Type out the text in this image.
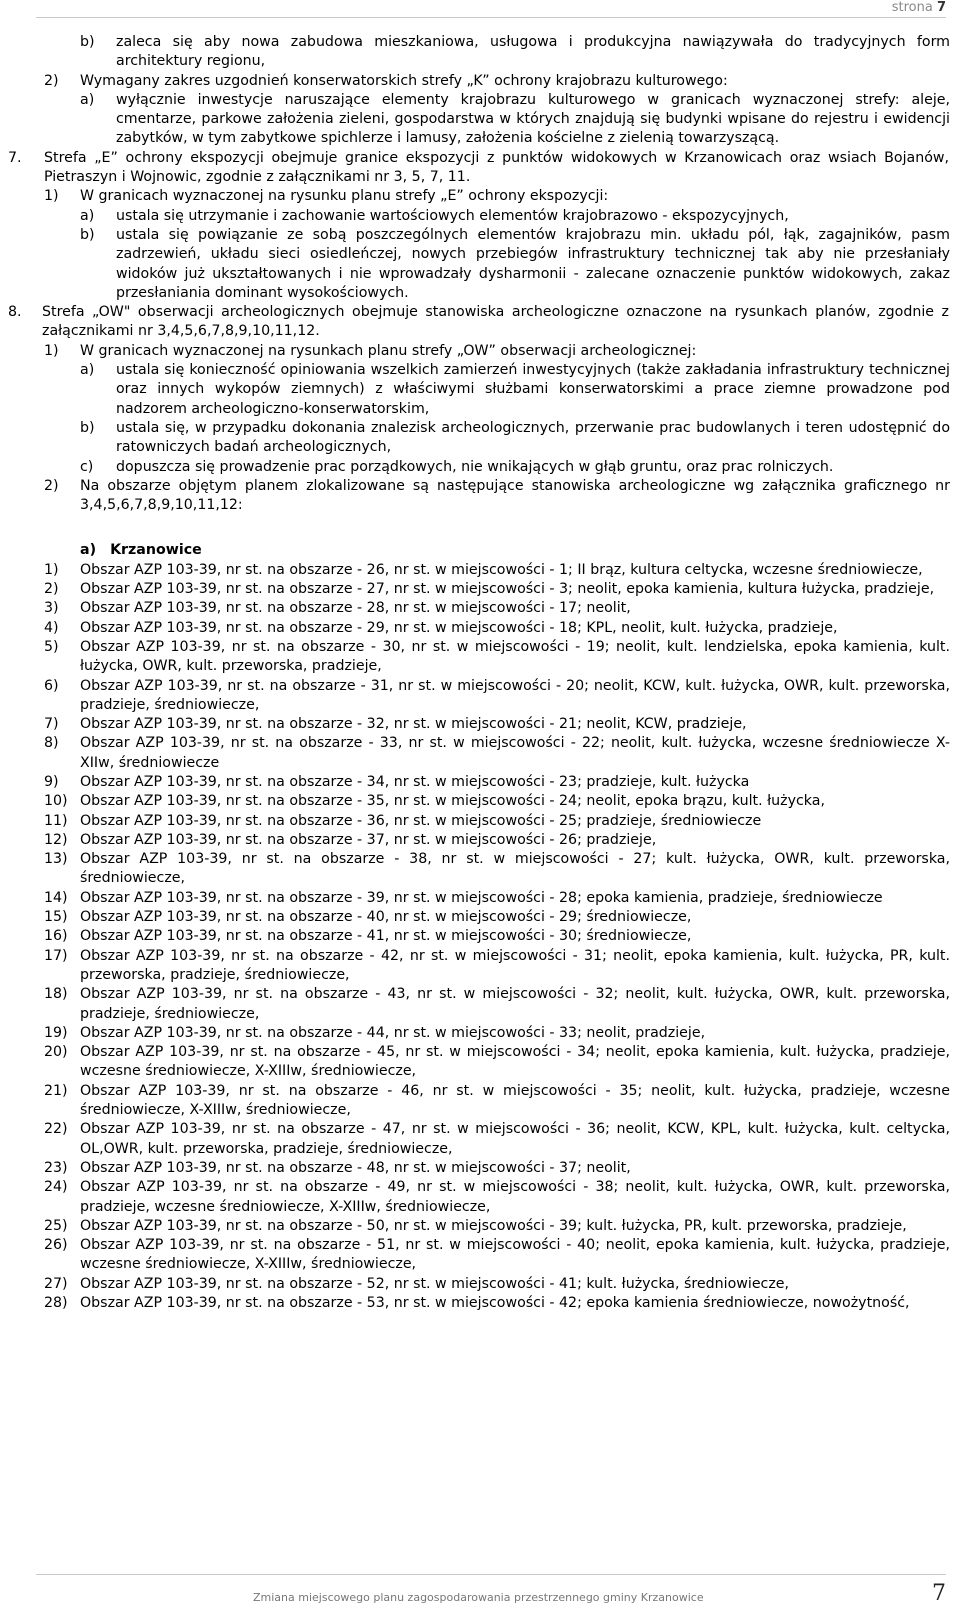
strona 7
b) zaleca się aby nowa zabudowa mieszkaniowa, usługowa i produkcyjna nawiązywała do tradycyjnych form architektury regionu,
2) Wymagany zakres uzgodnień konserwatorskich strefy „K” ochrony krajobrazu kulturowego:
a) wyłącznie inwestycje naruszające elementy krajobrazu kulturowego w granicach wyznaczonej strefy: aleje, cmentarze, parkowe założenia zieleni, gospodarstwa w których znajdują się budynki wpisane do rejestru i ewidencji zabytków, w tym zabytkowe spichlerze i lamusy, założenia kościelne z zielenią towarzyszącą.
7. Strefa „E” ochrony ekspozycji obejmuje granice ekspozycji z punktów widokowych w Krzanowicach oraz wsiach Bojanów, Pietraszyn i Wojnowic, zgodnie z załącznikami nr 3, 5, 7, 11.
1) W granicach wyznaczonej na rysunku planu strefy „E” ochrony ekspozycji:
a) ustala się utrzymanie i zachowanie wartościowych elementów krajobrazowo - ekspozycyjnych,
b) ustala się powiązanie ze sobą poszczególnych elementów krajobrazu min. układu pól, łąk, zagajników, pasm zadrzewień, układu sieci osiedleńczej, nowych przebiegów infrastruktury technicznej tak aby nie przesłaniały widoków już ukształtowanych i nie wprowadzały dysharmonii - zalecane oznaczenie punktów widokowych, zakaz przesłaniania dominant wysokościowych.
8. Strefa „OW" obserwacji archeologicznych obejmuje stanowiska archeologiczne oznaczone na rysunkach planów, zgodnie z załącznikami nr 3,4,5,6,7,8,9,10,11,12.
1) W granicach wyznaczonej na rysunkach planu strefy „OW” obserwacji archeologicznej:
a) ustala się konieczność opiniowania wszelkich zamierzeń inwestycyjnych (także zakładania infrastruktury technicznej oraz innych wykopów ziemnych) z właściwymi służbami konserwatorskimi a prace ziemne prowadzone pod nadzorem archeologiczno-konserwatorskim,
b) ustala się, w przypadku dokonania znalezisk archeologicznych, przerwanie prac budowlanych i teren udostępnić do ratowniczych badań archeologicznych,
c) dopuszcza się prowadzenie prac porządkowych, nie wnikających w głąb gruntu, oraz prac rolniczych.
2) Na obszarze objętym planem zlokalizowane są następujące stanowiska archeologiczne wg załącznika graficznego nr 3,4,5,6,7,8,9,10,11,12:
a) Krzanowice
1) Obszar AZP 103-39, nr st. na obszarze - 26, nr st. w miejscowości - 1; II brąz, kultura celtycka, wczesne średniowiecze,
2) Obszar AZP 103-39, nr st. na obszarze - 27, nr st. w miejscowości - 3; neolit, epoka kamienia, kultura łużycka, pradzieje,
3) Obszar AZP 103-39, nr st. na obszarze - 28, nr st. w miejscowości - 17; neolit,
4) Obszar AZP 103-39, nr st. na obszarze - 29, nr st. w miejscowości - 18; KPL, neolit, kult. łużycka, pradzieje,
5) Obszar AZP 103-39, nr st. na obszarze - 30, nr st. w miejscowości - 19; neolit, kult. lendzielska, epoka kamienia, kult. łużycka, OWR, kult. przeworska, pradzieje,
6) Obszar AZP 103-39, nr st. na obszarze - 31, nr st. w miejscowości - 20; neolit, KCW, kult. łużycka, OWR, kult. przeworska, pradzieje, średniowiecze,
7) Obszar AZP 103-39, nr st. na obszarze - 32, nr st. w miejscowości - 21; neolit, KCW, pradzieje,
8) Obszar AZP 103-39, nr st. na obszarze - 33, nr st. w miejscowości - 22; neolit, kult. łużycka, wczesne średniowiecze X-XIIw, średniowiecze
9) Obszar AZP 103-39, nr st. na obszarze - 34, nr st. w miejscowości - 23; pradzieje, kult. łużycka
10) Obszar AZP 103-39, nr st. na obszarze - 35, nr st. w miejscowości - 24; neolit, epoka brązu, kult. łużycka,
11) Obszar AZP 103-39, nr st. na obszarze - 36, nr st. w miejscowości - 25; pradzieje, średniowiecze
12) Obszar AZP 103-39, nr st. na obszarze - 37, nr st. w miejscowości - 26; pradzieje,
13) Obszar AZP 103-39, nr st. na obszarze - 38, nr st. w miejscowości - 27; kult. łużycka, OWR, kult. przeworska, średniowiecze,
14) Obszar AZP 103-39, nr st. na obszarze - 39, nr st. w miejscowości - 28; epoka kamienia, pradzieje, średniowiecze
15) Obszar AZP 103-39, nr st. na obszarze - 40, nr st. w miejscowości - 29; średniowiecze,
16) Obszar AZP 103-39, nr st. na obszarze - 41, nr st. w miejscowości - 30; średniowiecze,
17) Obszar AZP 103-39, nr st. na obszarze - 42, nr st. w miejscowości - 31; neolit, epoka kamienia, kult. łużycka, PR, kult. przeworska, pradzieje, średniowiecze,
18) Obszar AZP 103-39, nr st. na obszarze - 43, nr st. w miejscowości - 32; neolit, kult. łużycka, OWR, kult. przeworska, pradzieje, średniowiecze,
19) Obszar AZP 103-39, nr st. na obszarze - 44, nr st. w miejscowości - 33; neolit, pradzieje,
20) Obszar AZP 103-39, nr st. na obszarze - 45, nr st. w miejscowości - 34; neolit, epoka kamienia, kult. łużycka, pradzieje, wczesne średniowiecze, X-XIIIw, średniowiecze,
21) Obszar AZP 103-39, nr st. na obszarze - 46, nr st. w miejscowości - 35; neolit, kult. łużycka, pradzieje, wczesne średniowiecze, X-XIIIw, średniowiecze,
22) Obszar AZP 103-39, nr st. na obszarze - 47, nr st. w miejscowości - 36; neolit, KCW, KPL, kult. łużycka, kult. celtycka, OL,OWR, kult. przeworska, pradzieje, średniowiecze,
23) Obszar AZP 103-39, nr st. na obszarze - 48, nr st. w miejscowości - 37; neolit,
24) Obszar AZP 103-39, nr st. na obszarze - 49, nr st. w miejscowości - 38; neolit, kult. łużycka, OWR, kult. przeworska, pradzieje, wczesne średniowiecze, X-XIIIw, średniowiecze,
25) Obszar AZP 103-39, nr st. na obszarze - 50, nr st. w miejscowości - 39; kult. łużycka, PR, kult. przeworska, pradzieje,
26) Obszar AZP 103-39, nr st. na obszarze - 51, nr st. w miejscowości - 40; neolit, epoka kamienia, kult. łużycka, pradzieje, wczesne średniowiecze, X-XIIIw, średniowiecze,
27) Obszar AZP 103-39, nr st. na obszarze - 52, nr st. w miejscowości - 41; kult. łużycka, średniowiecze,
28) Obszar AZP 103-39, nr st. na obszarze - 53, nr st. w miejscowości - 42; epoka kamienia średniowiecze, nowożytność,
Zmiana miejscowego planu zagospodarowania przestrzennego gminy Krzanowice	7
